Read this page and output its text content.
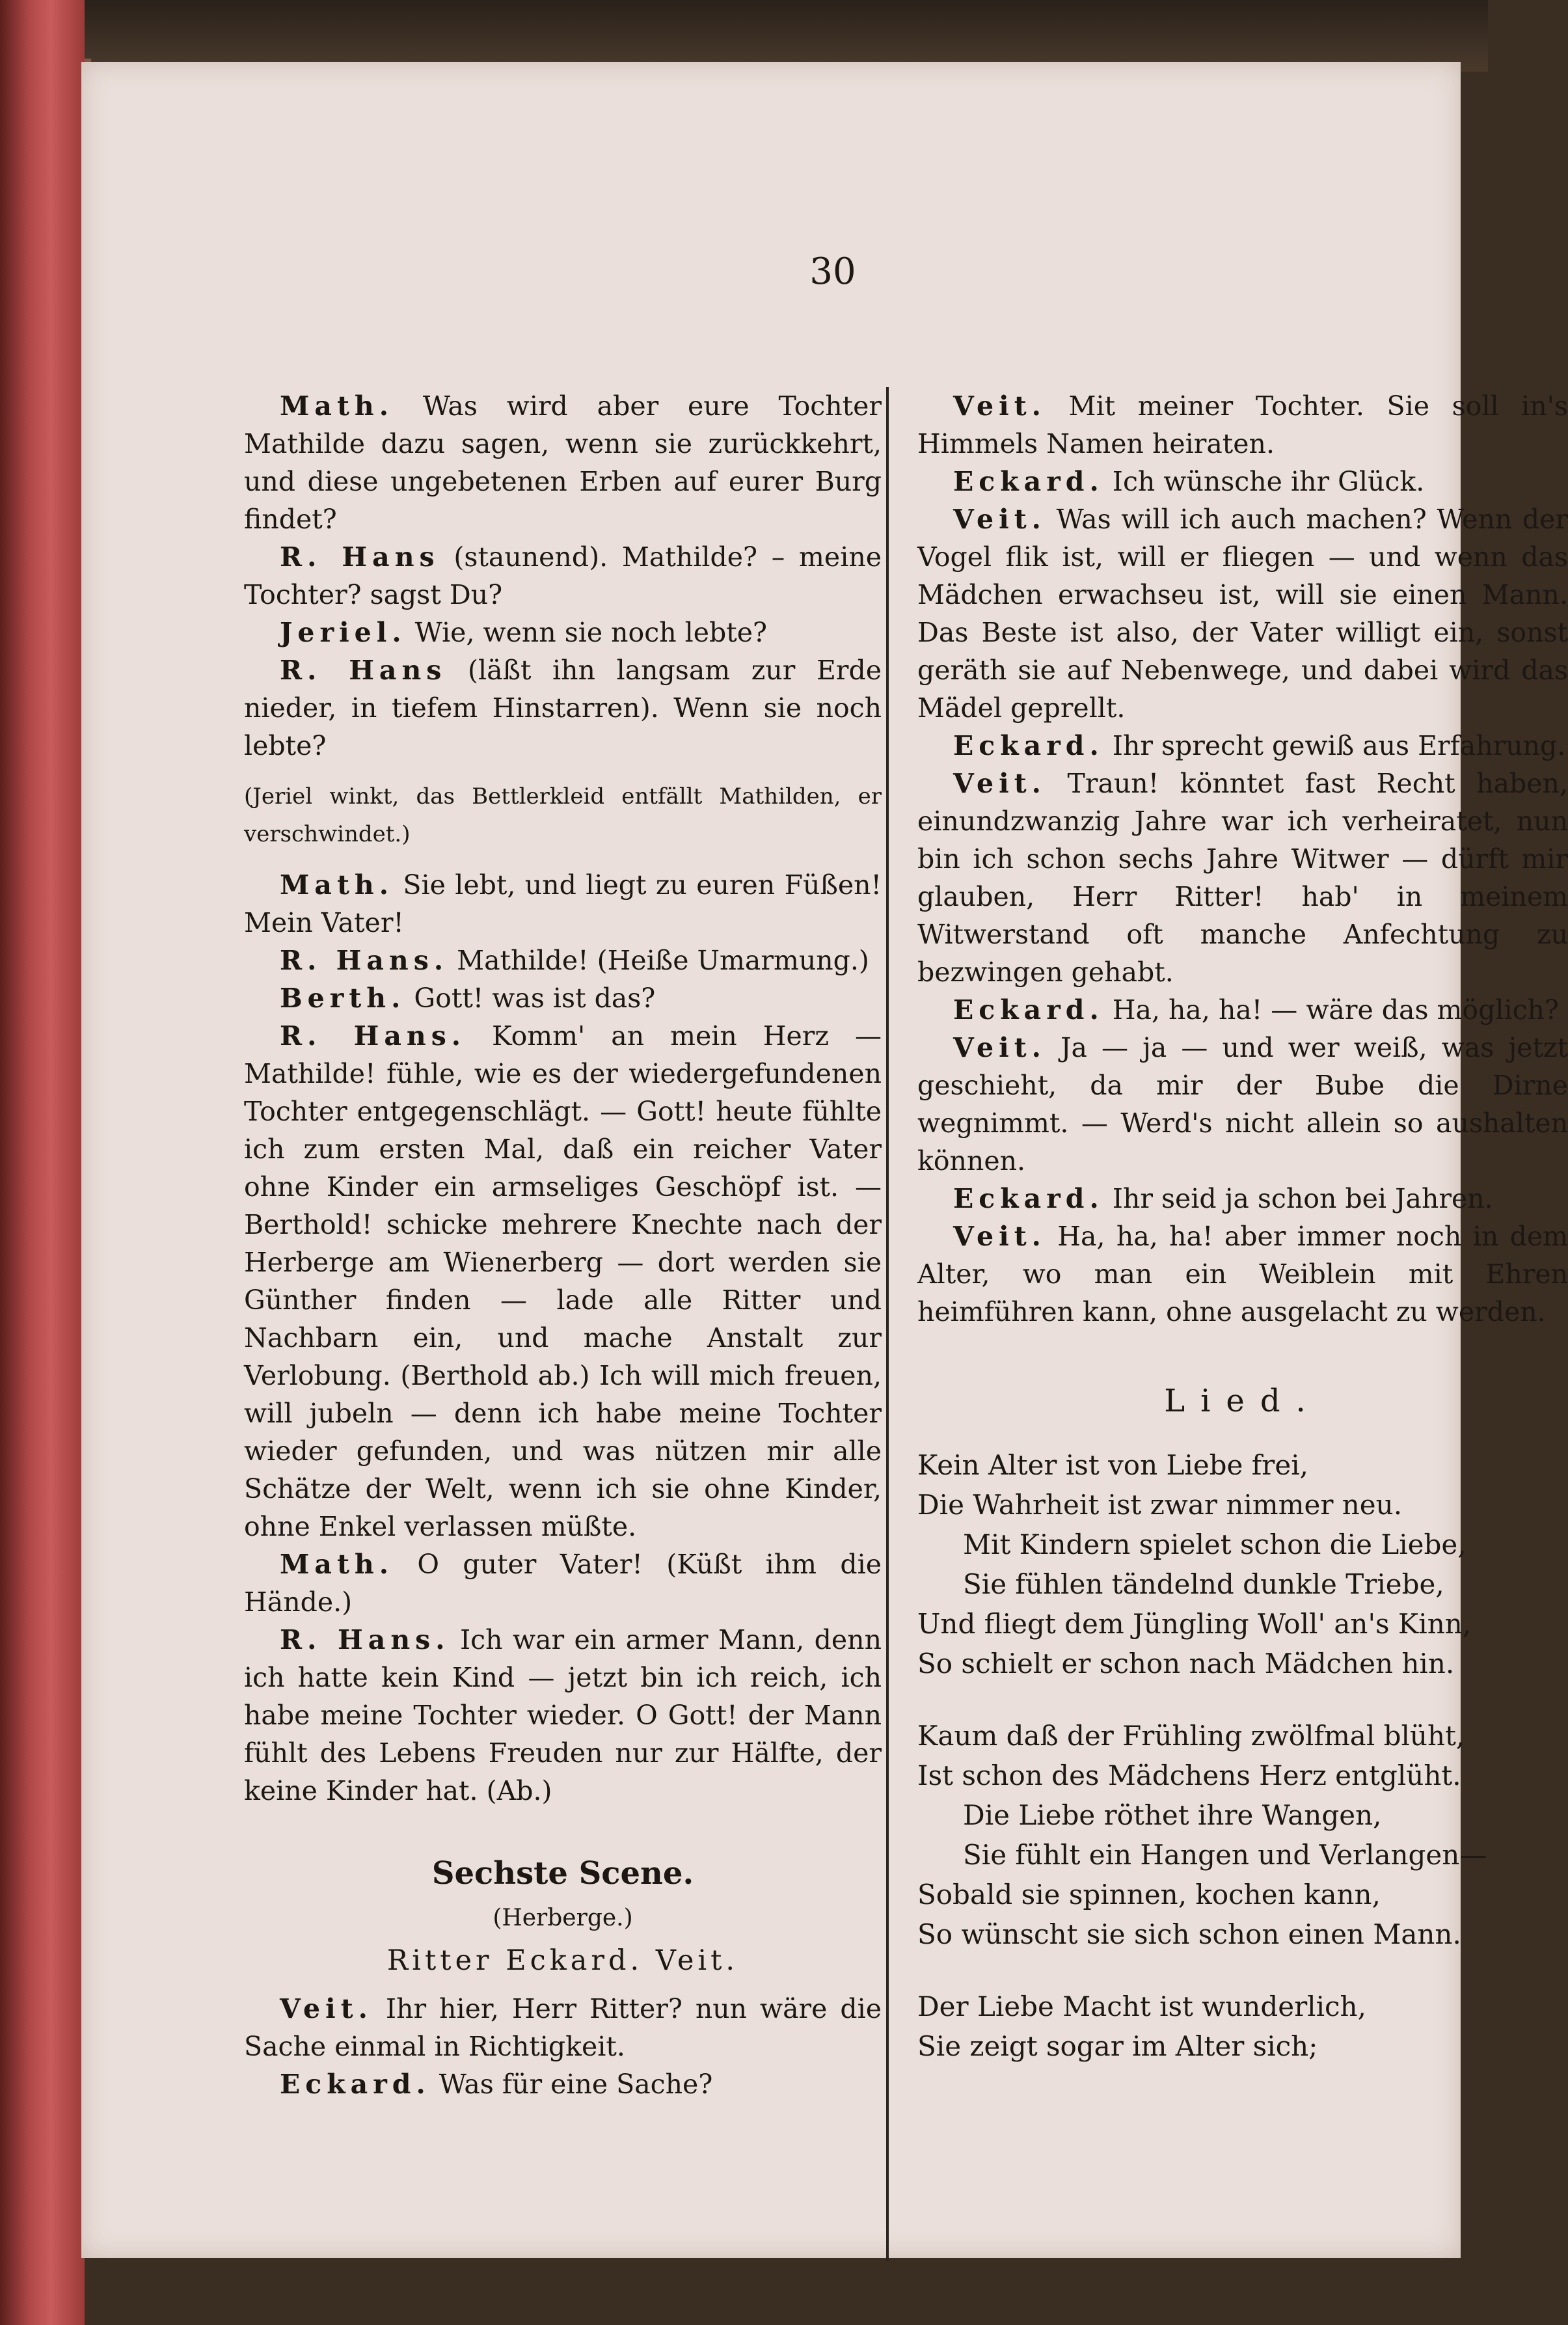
30

Math. Was wird aber eure Tochter Mathilde dazu sagen, wenn sie zurückkehrt, und diese ungebetenen Erben auf eurer Burg findet?

R. Hans (staunend). Mathilde? – meine Tochter? sagst Du?

Jeriel. Wie, wenn sie noch lebte?

R. Hans (läßt ihn langsam zur Erde nieder, in tiefem Hinstarren). Wenn sie noch lebte?

(Jeriel winkt, das Bettlerkleid entfällt Mathilden, er verschwindet.)

Math. Sie lebt, und liegt zu euren Füßen! Mein Vater!

R. Hans. Mathilde! (Heiße Umarmung.)

Berth. Gott! was ist das?

R. Hans. Komm' an mein Herz — Mathilde! fühle, wie es der wiedergefundenen Tochter entgegenschlägt. — Gott! heute fühlte ich zum ersten Mal, daß ein reicher Vater ohne Kinder ein armseliges Geschöpf ist. — Berthold! schicke mehrere Knechte nach der Herberge am Wienerberg — dort werden sie Günther finden — lade alle Ritter und Nachbarn ein, und mache Anstalt zur Verlobung. (Berthold ab.) Ich will mich freuen, will jubeln — denn ich habe meine Tochter wieder gefunden, und was nützen mir alle Schätze der Welt, wenn ich sie ohne Kinder, ohne Enkel verlassen müßte.

Math. O guter Vater! (Küßt ihm die Hände.)

R. Hans. Ich war ein armer Mann, denn ich hatte kein Kind — jetzt bin ich reich, ich habe meine Tochter wieder. O Gott! der Mann fühlt des Lebens Freuden nur zur Hälfte, der keine Kinder hat. (Ab.)

Sechste Scene.
(Herberge.)
Ritter Eckard. Veit.

Veit. Ihr hier, Herr Ritter? nun wäre die Sache einmal in Richtigkeit.

Eckard. Was für eine Sache?

Veit. Mit meiner Tochter. Sie soll in's Himmels Namen heiraten.

Eckard. Ich wünsche ihr Glück.

Veit. Was will ich auch machen? Wenn der Vogel flik ist, will er fliegen — und wenn das Mädchen erwachseu ist, will sie einen Mann. Das Beste ist also, der Vater willigt ein, sonst geräth sie auf Nebenwege, und dabei wird das Mädel geprellt.

Eckard. Ihr sprecht gewiß aus Erfahrung.

Veit. Traun! könntet fast Recht haben, einundzwanzig Jahre war ich verheiratet, nun bin ich schon sechs Jahre Witwer — dürft mir glauben, Herr Ritter! hab' in meinem Witwerstand oft manche Anfechtung zu bezwingen gehabt.

Eckard. Ha, ha, ha! — wäre das möglich?

Veit. Ja — ja — und wer weiß, was jetzt geschieht, da mir der Bube die Dirne wegnimmt. — Werd's nicht allein so aushalten können.

Eckard. Ihr seid ja schon bei Jahren.

Veit. Ha, ha, ha! aber immer noch in dem Alter, wo man ein Weiblein mit Ehren heimführen kann, ohne ausgelacht zu werden.

Lied.
Kein Alter ist von Liebe frei,
Die Wahrheit ist zwar nimmer neu.
Mit Kindern spielet schon die Liebe,
Sie fühlen tändelnd dunkle Triebe,
Und fliegt dem Jüngling Woll' an's Kinn,
So schielt er schon nach Mädchen hin.
Kaum daß der Frühling zwölfmal blüht,
Ist schon des Mädchens Herz entglüht.
Die Liebe röthet ihre Wangen,
Sie fühlt ein Hangen und Verlangen—
Sobald sie spinnen, kochen kann,
So wünscht sie sich schon einen Mann.
Der Liebe Macht ist wunderlich,
Sie zeigt sogar im Alter sich;
